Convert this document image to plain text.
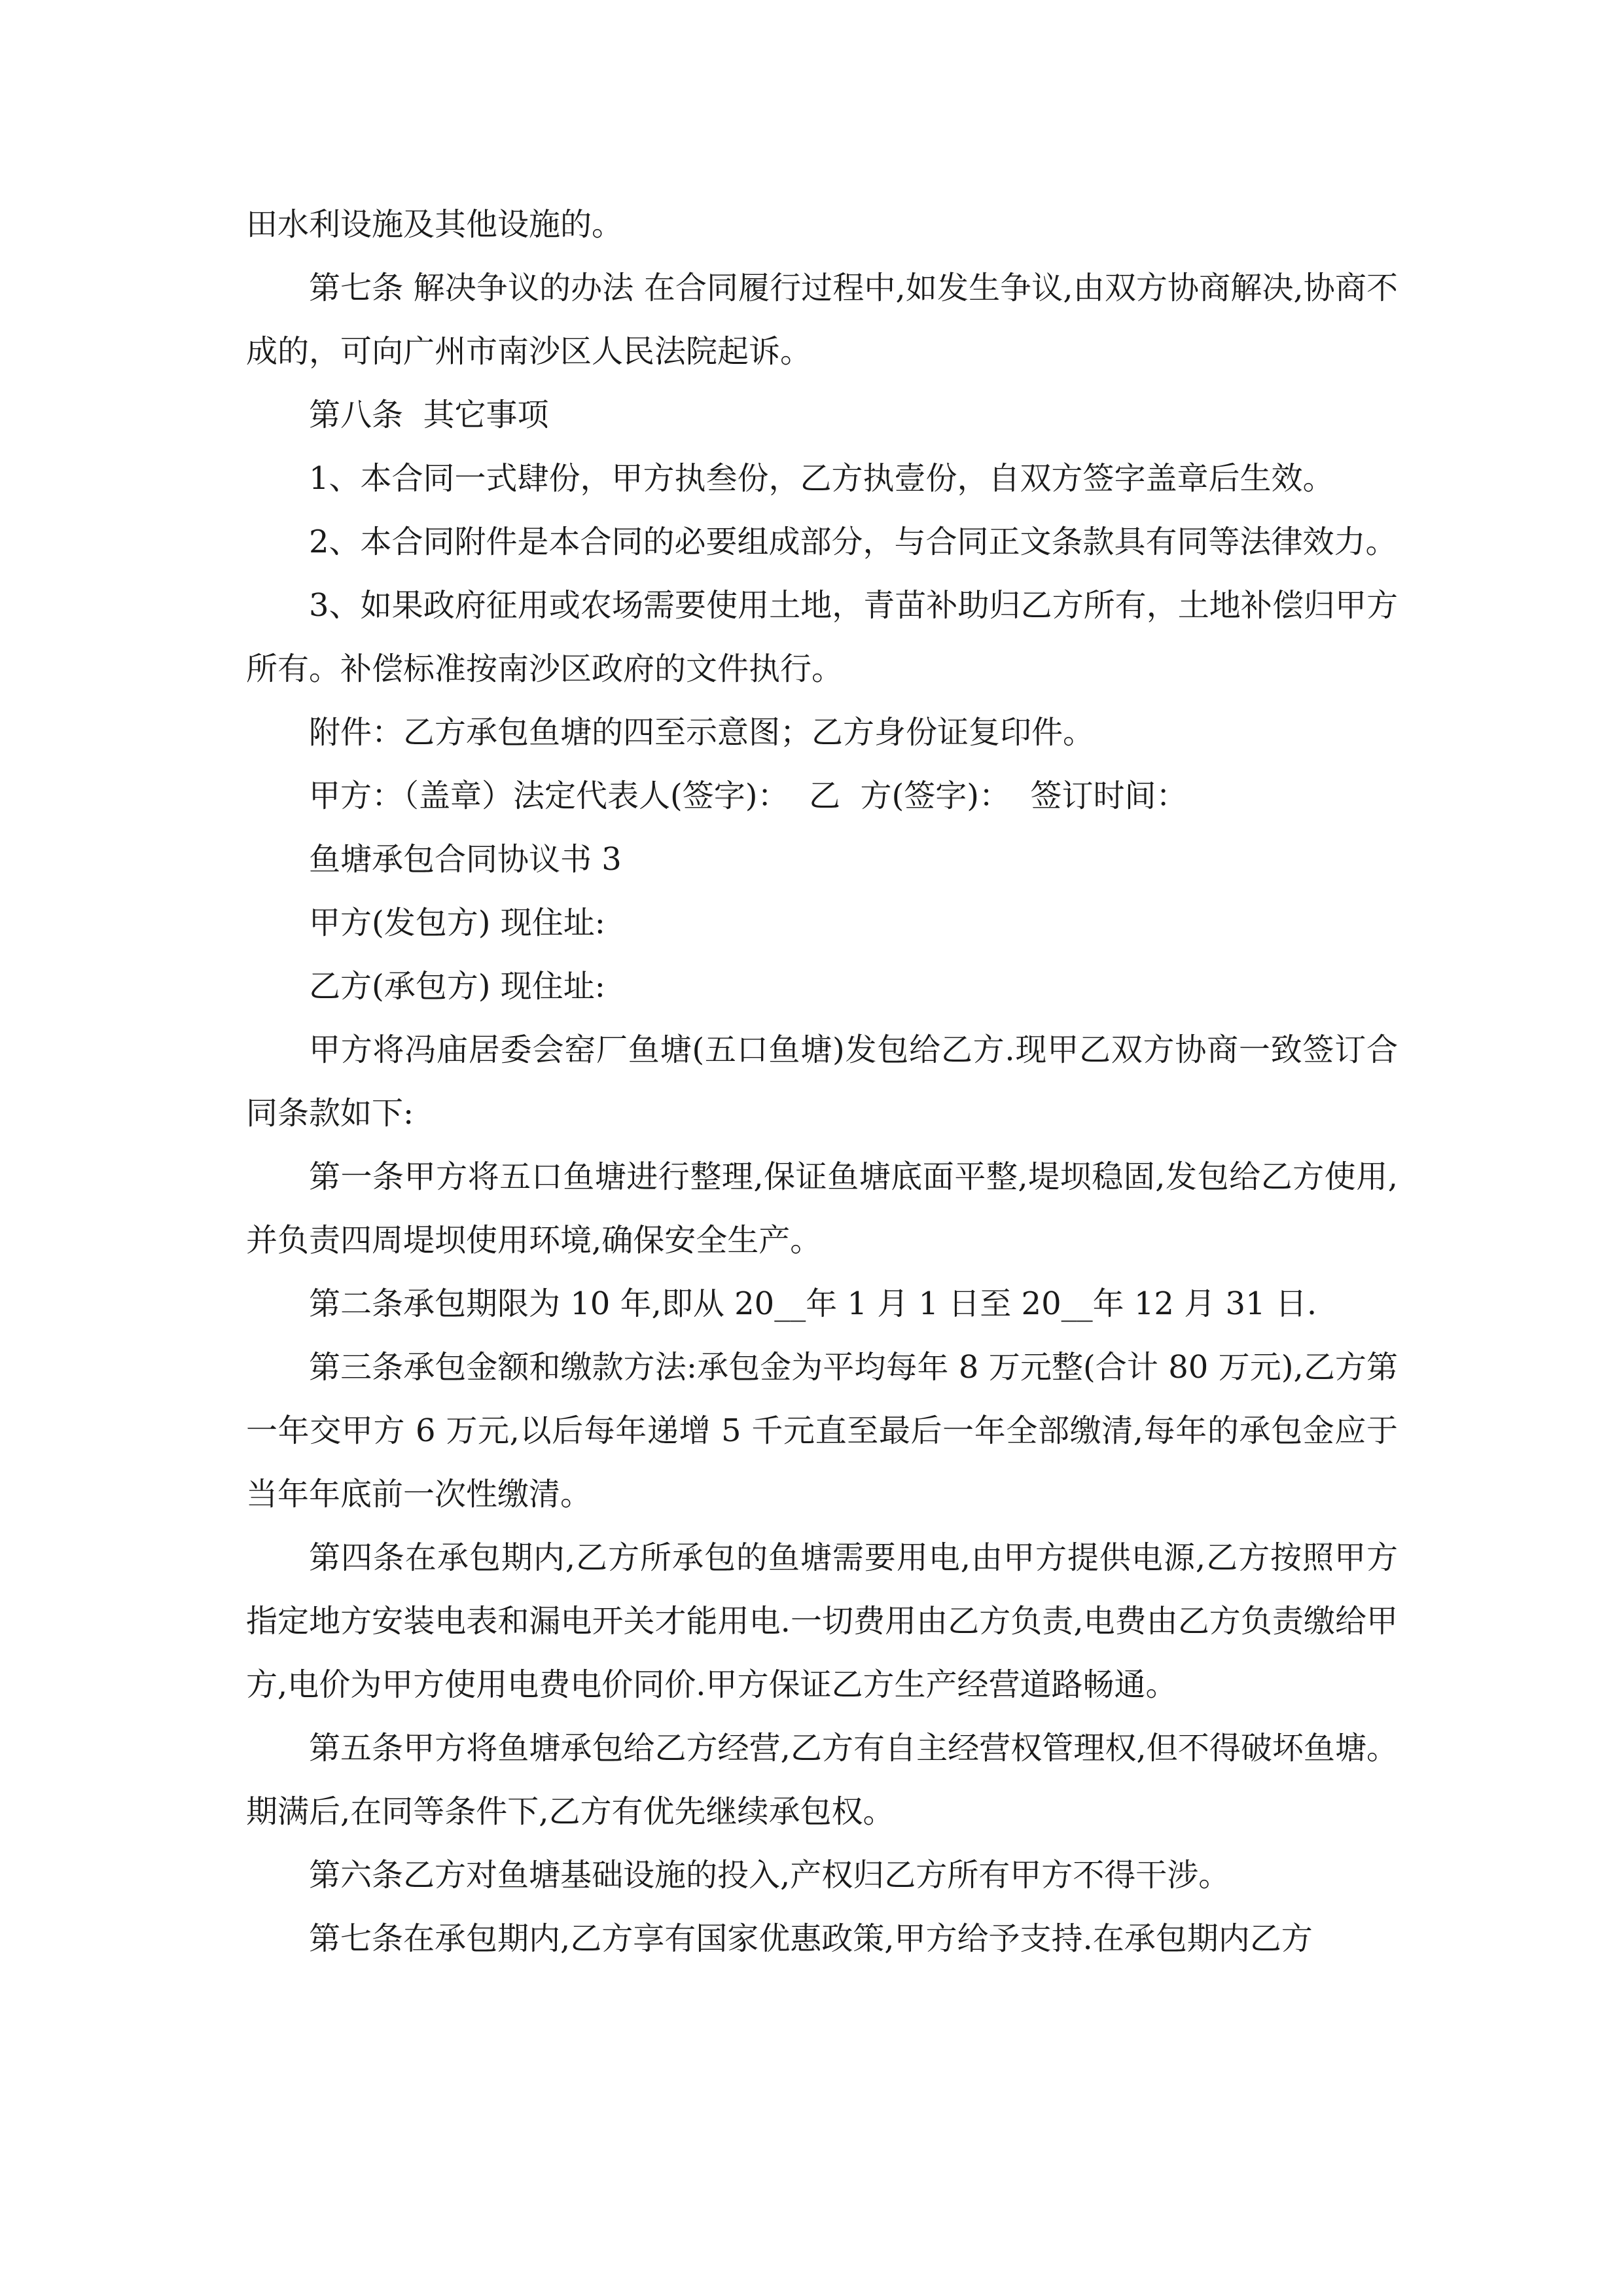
田水利设施及其他设施的。

第七条 解决争议的办法 在合同履行过程中,如发生争议,由双方协商解决,协商不成的，可向广州市南沙区人民法院起诉。

第八条  其它事项

1、本合同一式肆份，甲方执叁份，乙方执壹份，自双方签字盖章后生效。

2、本合同附件是本合同的必要组成部分，与合同正文条款具有同等法律效力。

3、如果政府征用或农场需要使用土地，青苗补助归乙方所有，土地补偿归甲方所有。补偿标准按南沙区政府的文件执行。

附件：乙方承包鱼塘的四至示意图；乙方身份证复印件。

甲方：（盖章）法定代表人(签字)：  乙  方(签字)：  签订时间：

鱼塘承包合同协议书 3

甲方(发包方) 现住址:

乙方(承包方) 现住址:

甲方将冯庙居委会窑厂鱼塘(五口鱼塘)发包给乙方.现甲乙双方协商一致签订合同条款如下:

第一条甲方将五口鱼塘进行整理,保证鱼塘底面平整,堤坝稳固,发包给乙方使用,并负责四周堤坝使用环境,确保安全生产。

第二条承包期限为 10 年,即从 20__年 1 月 1 日至 20__年 12 月 31 日.

第三条承包金额和缴款方法:承包金为平均每年 8 万元整(合计 80 万元),乙方第一年交甲方 6 万元,以后每年递增 5 千元直至最后一年全部缴清,每年的承包金应于当年年底前一次性缴清。

第四条在承包期内,乙方所承包的鱼塘需要用电,由甲方提供电源,乙方按照甲方指定地方安装电表和漏电开关才能用电.一切费用由乙方负责,电费由乙方负责缴给甲方,电价为甲方使用电费电价同价.甲方保证乙方生产经营道路畅通。

第五条甲方将鱼塘承包给乙方经营,乙方有自主经营权管理权,但不得破坏鱼塘。期满后,在同等条件下,乙方有优先继续承包权。

第六条乙方对鱼塘基础设施的投入,产权归乙方所有甲方不得干涉。

第七条在承包期内,乙方享有国家优惠政策,甲方给予支持.在承包期内乙方
